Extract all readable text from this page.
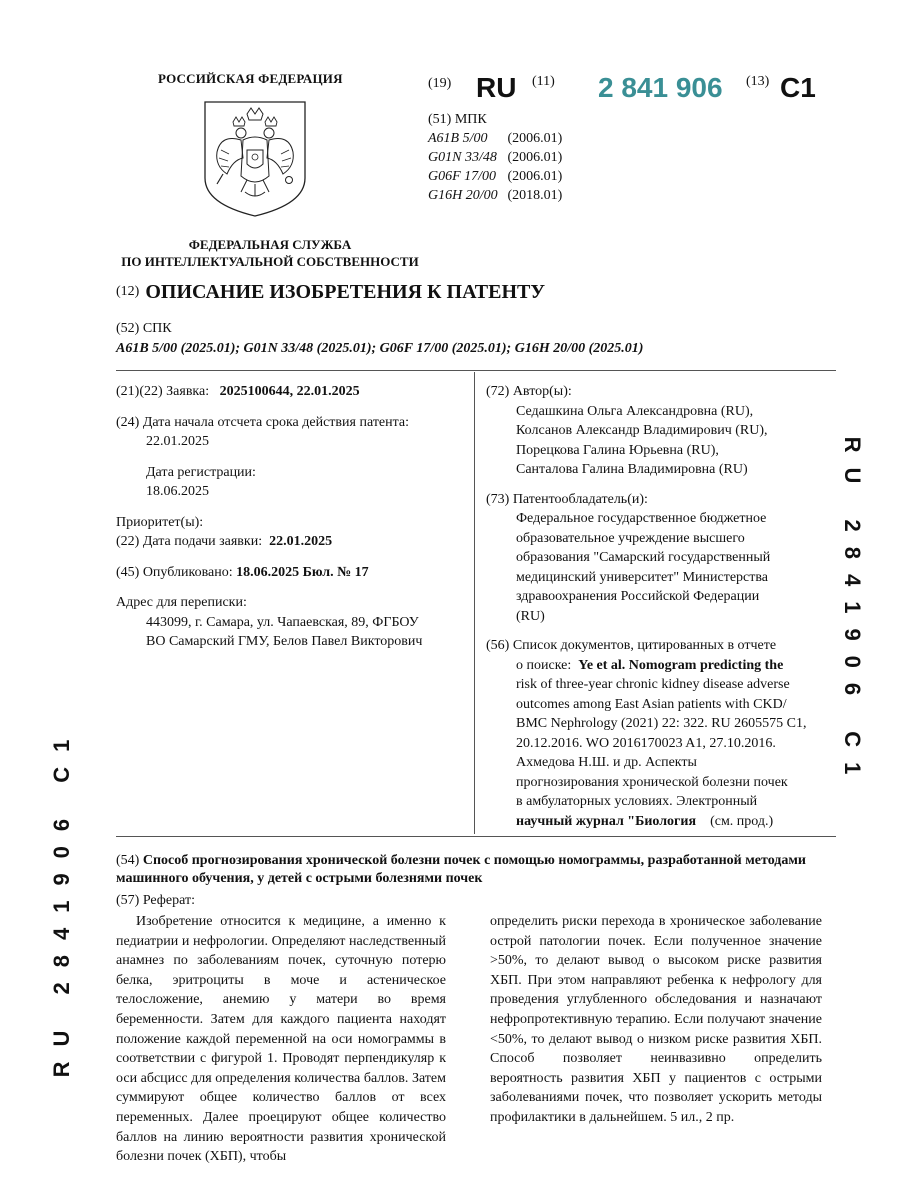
РОССИЙСКАЯ ФЕДЕРАЦИЯ
ФЕДЕРАЛЬНАЯ СЛУЖБА
ПО ИНТЕЛЛЕКТУАЛЬНОЙ СОБСТВЕННОСТИ
(19) RU (11) 2 841 906 (13) C1
(51) МПК
A61B 5/00 (2006.01)
G01N 33/48 (2006.01)
G06F 17/00 (2006.01)
G16H 20/00 (2018.01)
(12) ОПИСАНИЕ ИЗОБРЕТЕНИЯ К ПАТЕНТУ
(52) СПК
A61B 5/00 (2025.01); G01N 33/48 (2025.01); G06F 17/00 (2025.01); G16H 20/00 (2025.01)
(21)(22) Заявка: 2025100644, 22.01.2025
(24) Дата начала отсчета срока действия патента:
22.01.2025
Дата регистрации:
18.06.2025
Приоритет(ы):
(22) Дата подачи заявки: 22.01.2025
(45) Опубликовано: 18.06.2025 Бюл. № 17
Адрес для переписки:
443099, г. Самара, ул. Чапаевская, 89, ФГБОУ
ВО Самарский ГМУ, Белов Павел Викторович
(72) Автор(ы):
Седашкина Ольга Александровна (RU),
Колсанов Александр Владимирович (RU),
Порецкова Галина Юрьевна (RU),
Санталова Галина Владимировна (RU)
(73) Патентообладатель(и):
Федеральное государственное бюджетное
образовательное учреждение высшего
образования "Самарский государственный
медицинский университет" Министерства
здравоохранения Российской Федерации
(RU)
(56) Список документов, цитированных в отчете
о поиске: Ye et al. Nomogram predicting the
risk of three-year chronic kidney disease adverse
outcomes among East Asian patients with CKD/
BMC Nephrology (2021) 22: 322. RU 2605575 C1,
20.12.2016. WO 2016170023 A1, 27.10.2016.
Ахмедова Н.Ш. и др. Аспекты
прогнозирования хронической болезни почек
в амбулаторных условиях. Электронный
научный журнал "Биология (см. прод.)
RU 2841906 C1
RU 2841906 C1
(54) Способ прогнозирования хронической болезни почек с помощью номограммы, разработанной методами машинного обучения, у детей с острыми болезнями почек
(57) Реферат:
Изобретение относится к медицине, а именно к педиатрии и нефрологии. Определяют наследственный анамнез по заболеваниям почек, суточную потерю белка, эритроциты в моче и астеническое телосложение, анемию у матери во время беременности. Затем для каждого пациента находят положение каждой переменной на оси номограммы в соответствии с фигурой 1. Проводят перпендикуляр к оси абсцисс для определения количества баллов. Затем суммируют общее количество баллов от всех переменных. Далее проецируют общее количество баллов на линию вероятности развития хронической болезни почек (ХБП), чтобы
определить риски перехода в хроническое заболевание острой патологии почек. Если полученное значение >50%, то делают вывод о высоком риске развития ХБП. При этом направляют ребенка к нефрологу для проведения углубленного обследования и назначают нефропротективную терапию. Если получают значение <50%, то делают вывод о низком риске развития ХБП. Способ позволяет неинвазивно определить вероятность развития ХБП у пациентов с острыми заболеваниями почек, что позволяет ускорить методы профилактики в дальнейшем. 5 ил., 2 пр.
